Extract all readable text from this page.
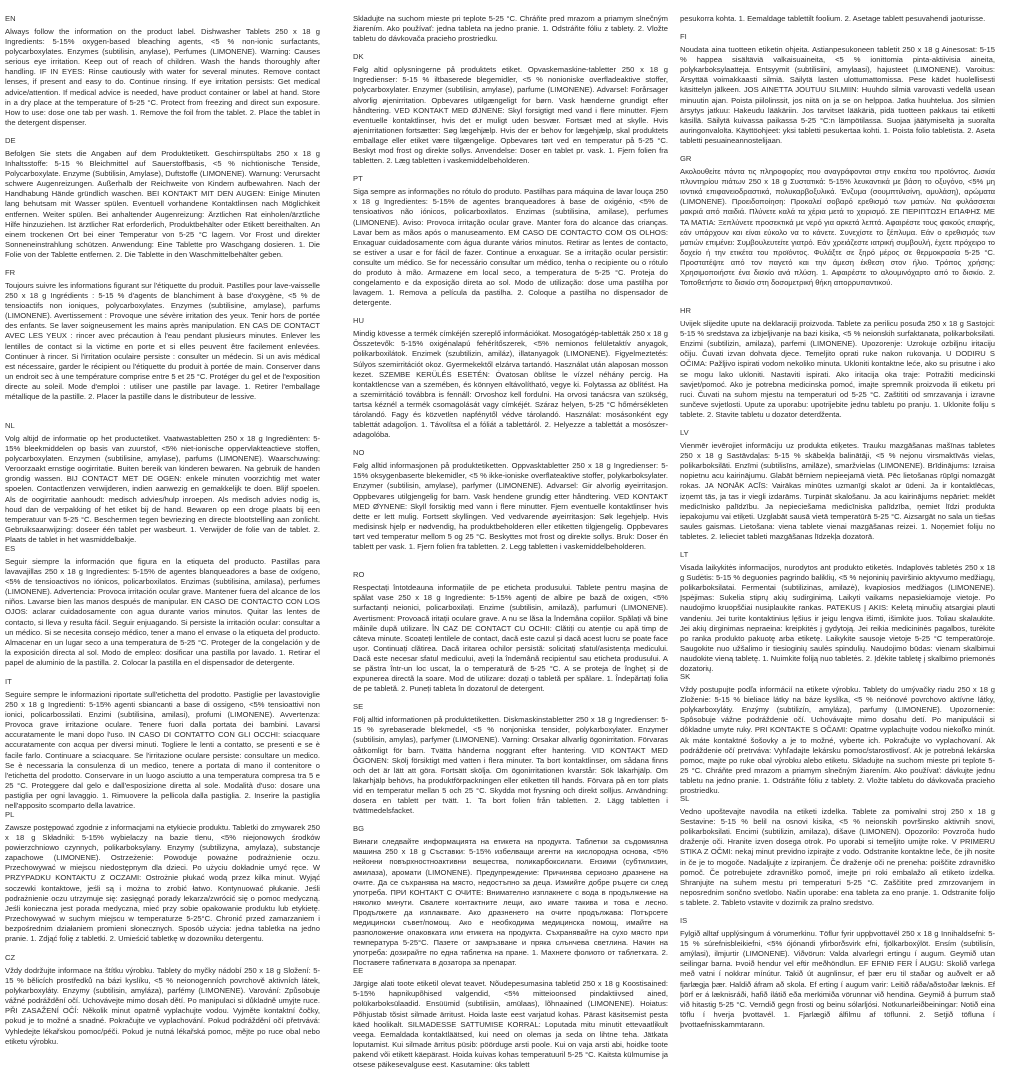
EN

Always follow the information on the product label. Dishwasher Tablets 250 x 18 g Ingredients: 5-15% oxygen-based bleaching agents, <5 % non-ionic surfactants, polycarboxylates. Enzymes (subtilisin, anylase), Perfumes (LIMONENE). Warning: Causes serious eye irritation. Keep out of reach of children. Wash the hands thoroughly after handling. IF IN EYES: Rinse cautiously with water for several minutes. Remove contact lenses, if present and easy to do. Continue rinsing. If eye irritation persists: Get medical advice/attention. If medical advice is needed, have product container or label at hand. Store in a dry place at the temperature of 5-25 °C. Protect from freezing and direct sun exposure. How to use: dose one tab per wash. 1. Remove the foil from the tablet. 2. Place the tablet in the detergent dispenser.

DE

Befolgen Sie stets die Angaben auf dem Produktetikett. Geschirrspültabs 250 x 18 g Inhaltsstoffe: 5-15 % Bleichmittel auf Sauerstoffbasis, <5 % nichtionische Tenside, Polycarboxylate. Enzyme (Subtilisin, Amylase), Duftstoffe (LIMONENE). Warnung: Verursacht schwere Augenreizungen. Außerhalb der Reichweite von Kindern aufbewahren. Nach der Handhabung Hände gründlich waschen. BEI KONTAKT MIT DEN AUGEN: Einige Minuten lang behutsam mit Wasser spülen. Eventuell vorhandene Kontaktlinsen nach Möglichkeit entfernen. Weiter spülen. Bei anhaltender Augenreizung: Ärztlichen Rat einholen/ärztliche Hilfe hinzuziehen. Ist ärztlicher Rat erforderlich, Produktbehälter oder Etikett bereithalten. An einem trockenen Ort bei einer Temperatur von 5-25 °C lagern. Vor Frost und direkter Sonneneinstrahlung schützen. Anwendung: Eine Tablette pro Waschgang dosieren. 1. Die Folie von der Tablette entfernen. 2. Die Tablette in den Waschmittelbehälter geben.

FR

Toujours suivre les informations figurant sur l'étiquette du produit. Pastilles pour lave-vaisselle 250 x 18 g Ingrédients : 5-15 % d'agents de blanchiment à base d'oxygène, <5 % de tensioactifs non ioniques, polycarboxylates. Enzymes (subtilisine, amylase), parfums (LIMONENE). Avertissement : Provoque une sévère irritation des yeux. Tenir hors de portée des enfants. Se laver soigneusement les mains après manipulation. EN CAS DE CONTACT AVEC LES YEUX : rincer avec précaution à l'eau pendant plusieurs minutes. Enlever les lentilles de contact si la victime en porte et si elles peuvent être facilement enlevées. Continuer à rincer. Si l'irritation oculaire persiste : consulter un médecin. Si un avis médical est nécessaire, garder le récipient ou l'étiquette du produit à portée de main. Conserver dans un endroit sec à une température comprise entre 5 et 25 °C. Protéger du gel et de l'exposition directe au soleil. Mode d'emploi : utiliser une pastille par lavage. 1. Retirer l'emballage métallique de la pastille. 2. Placer la pastille dans le distributeur de lessive.

NL

Volg altijd de informatie op het productetiket. Vaatwastabletten 250 x 18 g Ingrediënten: 5-15% bleekmiddelen op basis van zuurstof, <5% niet-ionische oppervlakteactieve stoffen, polycarboxylaten. Enzymen (subtilisine, amylase), parfums (LIMONENE). Waarschuwing: Veroorzaakt ernstige oogirritatie. Buiten bereik van kinderen bewaren. Na gebruik de handen grondig wassen. BIJ CONTACT MET DE OGEN: enkele minuten voorzichtig met water spoelen. Contactlenzen verwijderen, indien aanwezig en gemakkelijk te doen. Blijf spoelen. Als de oogirritatie aanhoudt: medisch advies/hulp inroepen. Als medisch advies nodig is, houd dan de verpakking of het etiket bij de hand. Bewaren op een droge plaats bij een temperatuur van 5-25 °C. Beschermen tegen bevriezing en directe blootstelling aan zonlicht. Gebruiksaanwijzing: doseer één tablet per wasbeurt. 1. Verwijder de folie van de tablet. 2. Plaats de tablet in het wasmiddelbakje.

ES

Seguir siempre la información que figura en la etiqueta del producto. Pastillas para lavavajillas 250 x 18 g Ingredientes: 5-15% de agentes blanqueadores a base de oxígeno, <5% de tensioactivos no iónicos, policarboxilatos. Enzimas (subtilisina, amilasa), perfumes (LIMONENE). Advertencia: Provoca irritación ocular grave. Mantener fuera del alcance de los niños. Lavarse bien las manos después de manipular. EN CASO DE CONTACTO CON LOS OJOS: aclarar cuidadosamente con agua durante varios minutos. Quitar las lentes de contacto, si lleva y resulta fácil. Seguir enjuagando. Si persiste la irritación ocular: consultar a un médico. Si se necesita consejo médico, tener a mano el envase o la etiqueta del producto. Almacenar en un lugar seco a una temperatura de 5-25 °C. Proteger de la congelación y de la exposición directa al sol. Modo de empleo: dosificar una pastilla por lavado. 1. Retirar el papel de aluminio de la pastilla. 2. Colocar la pastilla en el dispensador de detergente.

IT

Seguire sempre le informazioni riportate sull'etichetta del prodotto. Pastiglie per lavastoviglie 250 x 18 g Ingredienti: 5-15% agenti sbiancanti a base di ossigeno, <5% tensioattivi non ionici, policarbossilati. Enzimi (subtilisina, amilasi), profumi (LIMONENE). Avvertenza: Provoca grave irritazione oculare. Tenere fuori dalla portata dei bambini. Lavarsi accuratamente le mani dopo l'uso. IN CASO DI CONTATTO CON GLI OCCHI: sciacquare accuratamente con acqua per diversi minuti. Togliere le lenti a contatto, se presenti e se è facile farlo. Continuare a sciacquare. Se l'irritazione oculare persiste: consultare un medico. Se è necessaria la consulenza di un medico, tenere a portata di mano il contenitore o l'etichetta del prodotto. Conservare in un luogo asciutto a una temperatura compresa tra 5 e 25 °C. Proteggere dal gelo e dall'esposizione diretta al sole. Modalità d'uso: dosare una pastiglia per ogni lavaggio. 1. Rimuovere la pellicola dalla pastiglia. 2. Inserire la pastiglia nell'apposito scomparto della lavatrice.

PL

Zawsze postępować zgodnie z informacjami na etykiecie produktu. Tabletki do zmywarek 250 x 18 g Składniki: 5-15% wybielaczy na bazie tlenu, <5% niejonowych środków powierzchniowo czynnych, polikarboksylany. Enzymy (subtilizyna, amylaza), substancje zapachowe (LIMONENE). Ostrzeżenie: Powoduje poważne podrażnienie oczu. Przechowywać w miejscu niedostępnym dla dzieci. Po użyciu dokładnie umyć ręce. W PRZYPADKU KONTAKTU Z OCZAMI: Ostrożnie płukać wodą przez kilka minut. Wyjąć soczewki kontaktowe, jeśli są i można to zrobić łatwo. Kontynuować płukanie. Jeśli podrażnienie oczu utrzymuje się: zasięgnąć porady lekarza/zwrócić się o pomoc medyczną. Jeśli konieczna jest porada medyczna, mieć przy sobie opakowanie produktu lub etykietę. Przechowywać w suchym miejscu w temperaturze 5-25°C. Chronić przed zamarzaniem i bezpośrednim działaniem promieni słonecznych. Sposób użycia: jedna tabletka na jedno pranie. 1. Zdjąć folię z tabletki. 2. Umieścić tabletkę w dozowniku detergentu.

CZ

Vždy dodržujte informace na štítku výrobku. Tablety do myčky nádobí 250 x 18 g Složení: 5-15 % bělicích prostředků na bázi kyslíku, <5 % neionogenních povrchově aktivních látek, polykarboxyláty. Enzymy (subtilisin, amyláza), parfémy (LIMONENE). Varování: Způsobuje vážné podráždění očí. Uchovávejte mimo dosah dětí. Po manipulaci si důkladně umyjte ruce. PŘI ZASAŽENÍ OČÍ: Několik minut opatrně vyplachujte vodou. Vyjměte kontaktní čočky, pokud je to možné a snadné. Pokračujte ve vyplachování. Pokud podráždění očí přetrvává: Vyhledejte lékařskou pomoc/péči. Pokud je nutná lékařská pomoc, mějte po ruce obal nebo etiketu výrobku.

Skladujte na suchom mieste pri teplote 5-25 °C. Chráňte pred mrazom a priamym slnečným žiarením. Ako používať: jedna tableta na jedno pranie. 1. Odstráňte fóliu z tablety. 2. Vložte tabletu do dávkovača pracieho prostriedku.

DK

Følg altid oplysningerne på produktets etiket. Opvaskemaskine-tabletter 250 x 18 g Ingredienser: 5-15 % iltbaserede blegemidler, <5 % nonioniske overfladeaktive stoffer, polycarboxylater. Enzymer (subtilisin, amylase), parfume (LIMONENE). Advarsel: Forårsager alvorlig øjenirritation. Opbevares utilgængeligt for børn. Vask hænderne grundigt efter håndtering. VED KONTAKT MED ØJNENE: Skyl forsigtigt med vand i flere minutter. Fjern eventuelle kontaktlinser, hvis det er muligt uden besvær. Fortsæt med at skylle. Hvis øjenirritationen fortsætter: Søg lægehjælp. Hvis der er behov for lægehjælp, skal produktets emballage eller etiket være tilgængelige. Opbevares tørt ved en temperatur på 5-25 °C. Beskyt mod frost og direkte sollys. Anvendelse: Doser en tablet pr. vask. 1. Fjern folien fra tabletten. 2. Læg tabletten i vaskemiddelbeholderen.

PT

Siga sempre as informações no rótulo do produto. Pastilhas para máquina de lavar louça 250 x 18 g Ingredientes: 5-15% de agentes branqueadores à base de oxigénio, <5% de tensioativos não iónicos, policarboxilatos. Enzimas (subtilisina, amilase), perfumes (LIMONENE). Aviso: Provoca irritação ocular grave. Manter fora do alcance das crianças. Lavar bem as mãos após o manuseamento. EM CASO DE CONTACTO COM OS OLHOS: Enxaguar cuidadosamente com água durante vários minutos. Retirar as lentes de contacto, se estiver a usar e for fácil de fazer. Continue a enxaguar. Se a irritação ocular persistir: consulte um médico. Se for necessário consultar um médico, tenha o recipiente ou o rótulo do produto à mão. Armazene em local seco, a temperatura de 5-25 °C. Proteja do congelamento e da exposição direta ao sol. Modo de utilização: dose uma pastilha por lavagem. 1. Remova a película da pastilha. 2. Coloque a pastilha no dispensador de detergente.

HU

Mindig kövesse a termék címkéjén szereplő információkat. Mosogatógép-tabletták 250 x 18 g Összetevők: 5-15% oxigénalapú fehérítőszerek, <5% nemionos felületaktív anyagok, polikarboxilátok. Enzimek (szubtilizin, amiláz), illatanyagok (LIMONENE). Figyelmeztetés: Súlyos szemirritációt okoz. Gyermekektől elzárva tartandó. Használat után alaposan mosson kezet. SZEMBE KERÜLÉS ESETÉN: Óvatosan öblítse le vízzel néhány percig. Ha kontaktlencse van a szemében, és könnyen eltávolítható, vegye ki. Folytassa az öblítést. Ha a szemirritáció továbbra is fennáll: Orvoshoz kell fordulni. Ha orvosi tanácsra van szükség, tartsa kéznél a termék csomagolását vagy címkéjét. Száraz helyen, 5-25 °C hőmérsékleten tárolandó. Fagy és közvetlen napfénytől védve tárolandó. Használat: mosásonként egy tablettát adagoljon. 1. Távolítsa el a fóliát a tablettáról. 2. Helyezze a tablettát a mosószer-adagolóba.

NO

Følg alltid informasjonen på produktetiketten. Oppvasktabletter 250 x 18 g Ingredienser: 5-15% oksygenbaserte blekemidler, <5 % ikke-ioniske overflateaktive stoffer, polykarboksylater. Enzymer (subtilisin, amylase), parfymer (LIMONENE). Advarsel: Gir alvorlig øyeirritasjon. Oppbevares utilgjengelig for barn. Vask hendene grundig etter håndtering. VED KONTAKT MED ØYNENE: Skyll forsiktig med vann i flere minutter. Fjern eventuelle kontaktlinser hvis dette er lett mulig. Fortsett skyllingen. Ved vedvarende øyeirritasjon: Søk legehjelp. Hvis medisinsk hjelp er nødvendig, ha produktbeholderen eller etiketten tilgjengelig. Oppbevares tørt ved temperatur mellom 5 og 25 °C. Beskyttes mot frost og direkte sollys. Bruk: Doser én tablett per vask. 1. Fjern folien fra tabletten. 2. Legg tabletten i vaskemiddelbeholderen.

RO

Respectați întotdeauna informațiile de pe eticheta produsului. Tablete pentru mașina de spălat vase 250 x 18 g Ingrediente: 5-15% agenți de albire pe bază de oxigen, <5% surfactanți neionici, policarboxilați. Enzime (subtilisin, amilază), parfumuri (LIMONENE). Avertisment: Provoacă iritații oculare grave. A nu se lăsa la îndemâna copiilor. Spălați vă bine mâinile după utilizare. ÎN CAZ DE CONTACT CU OCHII: Clătiți cu atenție cu apă timp de câteva minute. Scoateți lentilele de contact, dacă este cazul și dacă acest lucru se poate face ușor. Continuați clătirea. Dacă iritarea ochilor persistă: solicitați sfatul/asistența medicului. Dacă este necesar sfatul medicului, aveți la îndemână recipientul sau eticheta produsului. A se păstra într-un loc uscat, la o temperatură de 5-25 °C. A se proteja de îngheț și de expunerea directă la soare. Mod de utilizare: dozați o tabletă per spălare. 1. Îndepărtați folia de pe tabletă. 2. Puneți tableta în dozatorul de detergent.

SE

Följ alltid informationen på produktetiketten. Diskmaskinstabletter 250 x 18 g Ingredienser: 5-15 % syrebaserade blekmedel, <5 % nonjoniska tensider, polykarboxylater. Enzymer (subtilisin, amylas), parfymer (LIMONENE). Varning: Orsakar allvarlig ögonirritation. Förvaras oåtkomligt för barn. Tvätta händerna noggrant efter hantering. VID KONTAKT MED ÖGONEN: Skölj försiktigt med vatten i flera minuter. Ta bort kontaktlinser, om sådana finns och det är lätt att göra. Fortsätt skölja. Om ögonirritationen kvarstår: Sök läkarhjälp. Om läkarhjälp behövs, ha produktförpackningen eller etiketten till hands. Förvara på en torr plats vid en temperatur mellan 5 och 25 °C. Skydda mot frysning och direkt solljus. Användning: dosera en tablett per tvätt. 1. Ta bort folien från tabletten. 2. Lägg tabletten i tvättmedelsfacket.

BG

Винаги следвайте информацията на етикета на продукта. Таблетки за съдомиялна машина 250 x 18 g Съставки: 5-15% избелващи агенти на кислородна основа, <5% нейонни повърхностноактивни вещества, поликарбоксилати. Ензими (субтилизин, амилаза), аромати (LIMONENE). Предупреждение: Причинява сериозно дразнене на очите. Да се съхранява на място, недостъпно за деца. Измийте добре ръцете си след употреба. ПРИ КОНТАКТ С ОЧИТЕ: Внимателно изплакнете с вода в продължение на няколко минути. Свалете контактните лещи, ако имате такива и това е лесно. Продължете да изплаквате. Ако дразненето на очите продължава: Потърсете медицински съвет/помощ. Ако е необходима медицинска помощ, имайте на разположение опаковката или етикета на продукта. Съхранявайте на сухо място при температура 5-25°C. Пазете от замръзване и пряка слънчева светлина. Начин на употреба: дозирайте по една таблетка на пране. 1. Махнете фолиото от таблетката. 2. Поставете таблетката в дозатора за препарат.

EE

Järgige alati toote etiketil olevat teavet. Nõudepesumasina tabletid 250 x 18 g Koostisained: 5-15% hapnikupõhised valgendid, <5% mitteioonsed pindaktiivsed ained, polükarboksülaadid. Ensüümid (subtilisiin, amülaas), lõhnaained (LIMONENE). Hoiatus: Põhjustab tõsist silmade ärritust. Hoida laste eest varjatud kohas. Pärast käsitsemist pesta käed hoolikalt. SILMADESSE SATTUMISE KORRAL: Loputada mitu minutit ettevaatlikult veega. Eemaldada kontaktläätsed, kui need on olemas ja seda on lihtne teha. Jätkata loputamist. Kui silmade ärritus püsib: pöörduge arsti poole. Kui on vaja arsti abi, hoidke toote pakend või etikett käepärast. Hoida kuivas kohas temperatuuril 5-25 °C. Kaitsta külmumise ja otsese päikesevalguse eest. Kasutamine: üks tablett

pesukorra kohta. 1. Eemaldage tablettilt foolium. 2. Asetage tablett pesuvahendi jaoturisse.

FI

Noudata aina tuotteen etiketin ohjeita. Astianpesukoneen tabletit 250 x 18 g Ainesosat: 5-15 % happea sisältäviä valkaisuaineita, <5 % ionittomia pinta-aktiivisia aineita, polykarboksylaatteja. Entsyymit (subtilisiini, amylaasi), hajusteet (LIMONENE). Varoitus: Ärsyttää voimakkaasti silmiä. Säilytä lasten ulottumattomissa. Pese kädet huolellisesti käsittelyn jälkeen. JOS AINETTA JOUTUU SILMIIN: Huuhdo silmiä varovasti vedellä usean minuutin ajan. Poista piilolinssit, jos niitä on ja se on helppoa. Jatka huuhtelua. Jos silmien ärsytys jatkuu: Hakeudu lääkäriin. Jos tarvitset lääkäriä, pidä tuotteen pakkaus tai etiketti käsillä. Säilytä kuivassa paikassa 5-25 °C:n lämpötilassa. Suojaa jäätymiseltä ja suoralta auringonvalolta. Käyttöohjeet: yksi tabletti pesukertaa kohti. 1. Poista folio tabletista. 2. Aseta tabletti pesuaineannostelijaan.

GR

Ακολουθείτε πάντα τις πληροφορίες που αναγράφονται στην ετικέτα του προϊόντος. Δισκία πλυντηρίου πιάτων 250 x 18 g Συστατικά: 5-15% λευκαντικά με βάση το οξυγόνο, <5% μη ιοντικά επιφανειοδραστικά, πολυκαρβοξυλικά. Ένζυμα (σουμπτιλισίνη, αμυλάση), αρώματα (LIMONENE). Προειδοποίηση: Προκαλεί σοβαρό ερεθισμό των ματιών. Να φυλάσσεται μακριά από παιδιά. Πλύνετε καλά τα χέρια μετά το χειρισμό. ΣΕ ΠΕΡΙΠΤΩΣΗ ΕΠΑΦΗΣ ΜΕ ΤΑ ΜΑΤΙΑ: Ξεπλύνετε προσεκτικά με νερό για αρκετά λεπτά. Αφαιρέστε τους φακούς επαφής, εάν υπάρχουν και είναι εύκολο να το κάνετε. Συνεχίστε το ξέπλυμα. Εάν ο ερεθισμός των ματιών επιμένει: Συμβουλευτείτε γιατρό. Εάν χρειάζεστε ιατρική συμβουλή, έχετε πρόχειρο το δοχείο ή την ετικέτα του προϊόντος. Φυλάξτε σε ξηρό μέρος σε θερμοκρασία 5-25 °C. Προστατέψτε από τον παγετό και την άμεση έκθεση στον ήλιο. Τρόπος χρήσης: Χρησιμοποιήστε ένα δισκίο ανά πλύση. 1. Αφαιρέστε το αλουμινόχαρτο από το δισκίο. 2. Τοποθετήστε το δισκίο στη δοσομετρική θήκη απορρυπαντικού.

HR

Uvijek slijedite upute na deklaraciji proizvoda. Tablete za perilicu posuđa 250 x 18 g Sastojci: 5-15 % sredstava za izbjeljivanje na bazi kisika, <5 % neionskih surfaktanata, polikarboksilati. Enzimi (subtilizin, amilaza), parfemi (LIMONENE). Upozorenje: Uzrokuje ozbiljnu iritaciju očiju. Čuvati izvan dohvata djece. Temeljito oprati ruke nakon rukovanja. U DODIRU S OČIMA: Pažljivo ispirati vodom nekoliko minuta. Ukloniti kontaktne leće, ako su prisutne i ako se mogu lako ukloniti. Nastaviti ispirati. Ako iritacija oka traje: Potražiti medicinski savjet/pomoć. Ako je potrebna medicinska pomoć, imajte spremnik proizvoda ili etiketu pri ruci. Čuvati na suhom mjestu na temperaturi od 5-25 °C. Zaštititi od smrzavanja i izravne sunčeve svjetlosti. Upute za uporabu: upotrijebite jednu tabletu po pranju. 1. Uklonite foliju s tablete. 2. Stavite tabletu u dozator deterdženta.

LV

Vienmēr ievērojiet informāciju uz produkta etiķetes. Trauku mazgāšanas mašīnas tabletes 250 x 18 g Sastāvdaļas: 5-15 % skābekļa balinātāji, <5 % nejonu virsmaktīvās vielas, polikarboksilāti. Enzīmi (subtilisīns, amilāze), smaržvielas (LIMONENE). Brīdinājums: Izraisa nopietnu acu kairinājumu. Glabāt bērniem nepieejamā vietā. Pēc lietošanas rūpīgi nomazgāt rokas. JA NONĀK ACĪS: Vairākas minūtes uzmanīgi skalot ar ūdeni. Ja ir kontaktlēcas, izņemt tās, ja tas ir viegli izdarāms. Turpināt skalošanu. Ja acu kairinājums nepāriet: meklēt medicīnisko palīdzību. Ja nepieciešama medicīniska palīdzība, ņemiet līdzi produkta iepakojumu vai etiķeti. Uzglabāt sausā vietā temperatūrā 5-25 °C. Aizsargāt no sala un tiešas saules gaismas. Lietošana: viena tablete vienai mazgāšanas reizei. 1. Noņemiet foliju no tabletes. 2. Ielieciet tableti mazgāšanas līdzekļa dozatorā.

LT

Visada laikykitės informacijos, nurodytos ant produkto etiketės. Indaplovės tabletės 250 x 18 g Sudėtis: 5-15 % deguonies pagrindo baliklių, <5 % nejoninių paviršinio aktyvumo medžiagų, polikarboksilatai. Fermentai (subtilizinas, amilazė), kvapiosios medžiagos (LIMONENE). Įspėjimas: Sukelia stiprų akių sudirginimą. Laikyti vaikams nepasiekiamoje vietoje. Po naudojimo kruopščiai nusiplaukite rankas. PATEKUS Į AKIS: Keletą minučių atsargiai plauti vandeniu. Jei turite kontaktinius lęšius ir jeigu lengva išimti, išimkite juos. Toliau skalaukite. Jei akių dirginimas nepraeina: kreipkitės į gydytoją. Jei reikia medicininės pagalbos, turėkite po ranka produkto pakuotę arba etiketę. Laikykite sausoje vietoje 5-25 °C temperatūroje. Saugokite nuo užšalimo ir tiesioginių saulės spindulių. Naudojimo būdas: vienam skalbimui naudokite vieną tabletę. 1. Nuimkite foliją nuo tabletės. 2. Įdėkite tabletę į skalbimo priemonės dozatorių.

SK

Vždy postupujte podľa informácií na etikete výrobku. Tablety do umývačky riadu 250 x 18 g Zloženie: 5-15 % bieliace látky na báze kyslíka, <5 % neiónové povrchovo aktívne látky, polykarboxyláty. Enzýmy (subtilizín, amyláza), parfumy (LIMONENE). Upozornenie: Spôsobuje vážne podráždenie očí. Uchovávajte mimo dosahu detí. Po manipulácii si dôkladne umyte ruky. PRI KONTAKTE S OČAMI: Opatrne vyplachujte vodou niekoľko minút. Ak máte kontaktné šošovky a je to možné, vyberte ich. Pokračujte vo vyplachovaní. Ak podráždenie očí pretrváva: Vyhľadajte lekársku pomoc/starostlivosť. Ak je potrebná lekárska pomoc, majte po ruke obal výrobku alebo etiketu. Skladujte na suchom mieste pri teplote 5-25 °C. Chráňte pred mrazom a priamym slnečným žiarením. Ako používať: dávkujte jednu tabletu na jedno pranie. 1. Odstráňte fóliu z tablety. 2. Vložte tabletu do dávkovača pracieho prostriedku.

SL

Vedno upoštevajte navodila na etiketi izdelka. Tablete za pomivalni stroj 250 x 18 g Sestavine: 5-15 % belil na osnovi kisika, <5 % neionskih površinsko aktivnih snovi, polikarboksilati. Encimi (subtilizin, amilaza), dišave (LIMONEN). Opozorilo: Povzroča hudo draženje oči. Hranite izven dosega otrok. Po uporabi si temeljito umijte roke. V PRIMERU STIKA Z OČMI: nekaj minut previdno izpirajte z vodo. Odstranite kontaktne leče, če jih nosite in če je to mogoče. Nadaljujte z izpiranjem. Če draženje oči ne preneha: poiščite zdravniško pomoč. Če potrebujete zdravniško pomoč, imejte pri roki embalažo ali etiketo izdelka. Shranjujte na suhem mestu pri temperaturi 5-25 °C. Zaščitite pred zmrzovanjem in neposrednim sončno svetlobo. Način uporabe: ena tableta za eno pranje. 1. Odstranite folijo s tablete. 2. Tableto vstavite v dozirnik za pralno sredstvo.

IS

Fylgið alltaf upplýsingum á vörumerkinu. Töflur fyrir uppþvottavél 250 x 18 g Innihaldsefni: 5-15 % súrefnisbleikiefni, <5% ójónandi yfirborðsvirk efni, fjölkarboxýlöt. Ensím (subtilisín, amýlasi), ilmjurtir (LIMONENE). Viðvörun: Valda alvarlegri ertingu í augum. Geymið utan seilingar barna. Þvoið hendur vel eftir meðhöndlun. EF EFNIÐ FER Í AUGU: Skolið varlega með vatni í nokkrar mínútur. Takið út augnlinsur, ef þær eru til staðar og auðvelt er að fjarlægja þær. Haldið áfram að skola. Ef erting í augum varir: Leitið ráða/aðstoðar læknis. Ef þörf er á læknisráði, hafið ílátið eða merkimiða vörunnar við hendina. Geymið á þurrum stað við hitastig 5-25 °C. Verndið gegn frosti og beinu sólarljósi. Notkunarleiðbeiningar: Notið eina töflu í hverja þvottavél. 1. Fjarlægið álfilmu af töflunni. 2. Setjið töfluna í þvottaefnisskammtarann.
